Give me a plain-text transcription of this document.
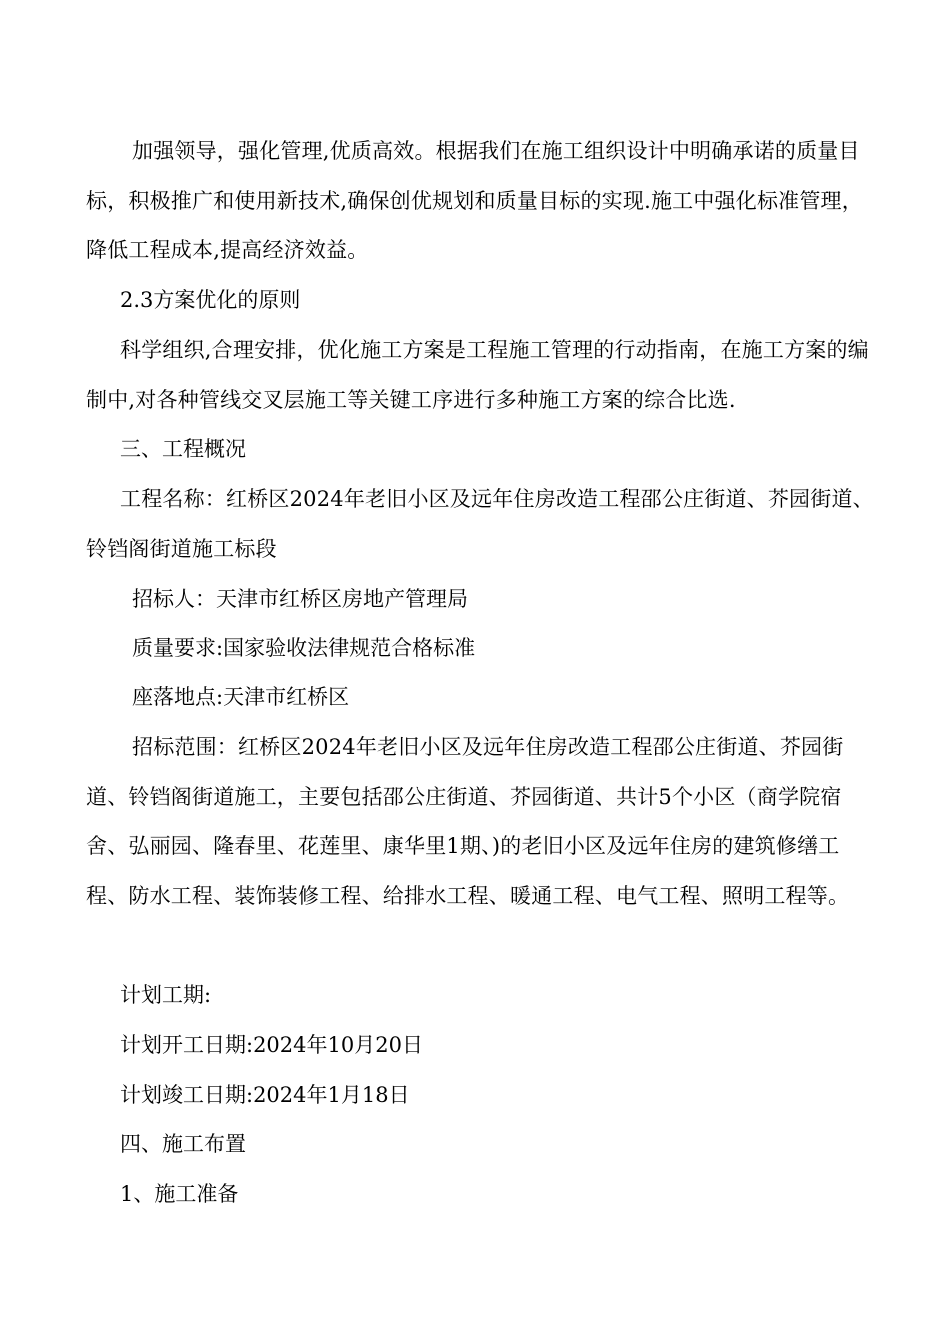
加强领导，强化管理,优质高效。根据我们在施工组织设计中明确承诺的质量目标，积极推广和使用新技术,确保创优规划和质量目标的实现.施工中强化标准管理，降低工程成本,提高经济效益。

2.3方案优化的原则

科学组织,合理安排，优化施工方案是工程施工管理的行动指南，在施工方案的编制中,对各种管线交叉层施工等关键工序进行多种施工方案的综合比选.

三、工程概况

工程名称：红桥区2024年老旧小区及远年住房改造工程邵公庄街道、芥园街道、铃铛阁街道施工标段

招标人：天津市红桥区房地产管理局

质量要求:国家验收法律规范合格标准

座落地点:天津市红桥区

招标范围：红桥区2024年老旧小区及远年住房改造工程邵公庄街道、芥园街道、铃铛阁街道施工，主要包括邵公庄街道、芥园街道、共计5个小区（商学院宿舍、弘丽园、隆春里、花莲里、康华里1期、)的老旧小区及远年住房的建筑修缮工程、防水工程、装饰装修工程、给排水工程、暖通工程、电气工程、照明工程等。

计划工期:

计划开工日期:2024年10月20日

计划竣工日期:2024年1月18日

四、施工布置

1、施工准备
